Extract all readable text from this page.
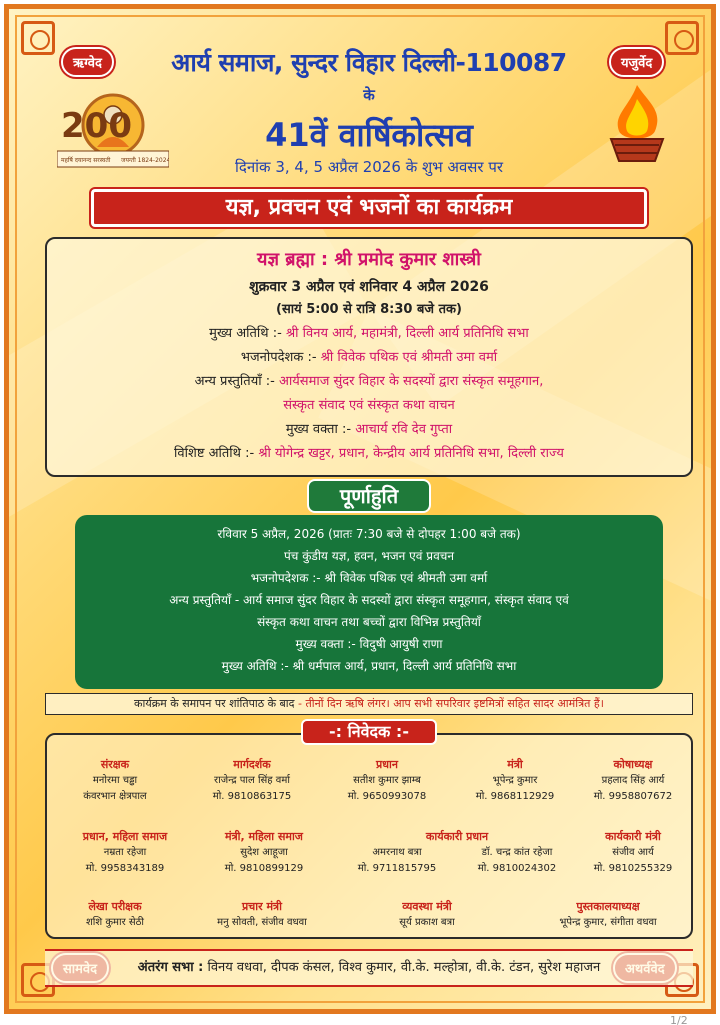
ऋग्वेद	यजुर्वेद
आर्य समाज, सुन्दर विहार दिल्ली-110087
के
41वें वार्षिकोत्सव
दिनांक 3, 4, 5 अप्रैल 2026 के शुभ अवसर पर
200
महर्षि दयानन्द सरस्वती जयन्ती 1824-2024
यज्ञ, प्रवचन एवं भजनों का कार्यक्रम
यज्ञ ब्रह्मा : श्री प्रमोद कुमार शास्त्री
शुक्रवार 3 अप्रैल एवं शनिवार 4 अप्रैल 2026
(सायं 5:00 से रात्रि 8:30 बजे तक)
मुख्य अतिथि :- श्री विनय आर्य, महामंत्री, दिल्ली आर्य प्रतिनिधि सभा
भजनोपदेशक :- श्री विवेक पथिक एवं श्रीमती उमा वर्मा
अन्य प्रस्तुतियाँ :- आर्यसमाज सुंदर विहार के सदस्यों द्वारा संस्कृत समूहगान,
संस्कृत संवाद एवं संस्कृत कथा वाचन
मुख्य वक्ता :- आचार्य रवि देव गुप्ता
विशिष्ट अतिथि :- श्री योगेन्द्र खट्टर, प्रधान, केन्द्रीय आर्य प्रतिनिधि सभा, दिल्ली राज्य
पूर्णाहुति
रविवार 5 अप्रैल, 2026 (प्रातः 7:30 बजे से दोपहर 1:00 बजे तक)
पंच कुंडीय यज्ञ, हवन, भजन एवं प्रवचन
भजनोपदेशक :- श्री विवेक पथिक एवं श्रीमती उमा वर्मा
अन्य प्रस्तुतियाँ - आर्य समाज सुंदर विहार के सदस्यों द्वारा संस्कृत समूहगान, संस्कृत संवाद एवं
संस्कृत कथा वाचन तथा बच्चों द्वारा विभिन्न प्रस्तुतियाँ
मुख्य वक्ता :- विदुषी आयुषी राणा
मुख्य अतिथि :- श्री धर्मपाल आर्य, प्रधान, दिल्ली आर्य प्रतिनिधि सभा
कार्यक्रम के समापन पर शांतिपाठ के बाद - तीनों दिन ऋषि लंगर। आप सभी सपरिवार इष्टमित्रों सहित सादर आमंत्रित हैं।
संरक्षक
मनोरमा चड्ढा
कंवरभान क्षेत्रपाल
मार्गदर्शक
राजेन्द्र पाल सिंह वर्मा
मो. 9810863175
प्रधान
सतीश कुमार झाम्ब
मो. 9650993078
मंत्री
भूपेन्द्र कुमार
मो. 9868112929
कोषाध्यक्ष
प्रहलाद सिंह आर्य
मो. 9958807672
प्रधान, महिला समाज
नम्रता रहेजा
मो. 9958343189
मंत्री, महिला समाज
सुदेश आहूजा
मो. 9810899129
कार्यकारी प्रधान
अमरनाथ बत्रा
मो. 9711815795
डॉ. चन्द्र कांत रहेजा
मो. 9810024302
कार्यकारी मंत्री
संजीव आर्य
मो. 9810255329
लेखा परीक्षक
शशि कुमार सेठी
प्रचार मंत्री
मनु सोवती, संजीव वधवा
व्यवस्था मंत्री
सूर्य प्रकाश बत्रा
पुस्तकालयाध्यक्ष
भूपेन्द्र कुमार, संगीता वधवा
-: निवेदक :-
अंतरंग सभा : विनय वधवा, दीपक कंसल, विश्व कुमार, वी.के. मल्होत्रा, वी.के. टंडन, सुरेश महाजन
1/2
